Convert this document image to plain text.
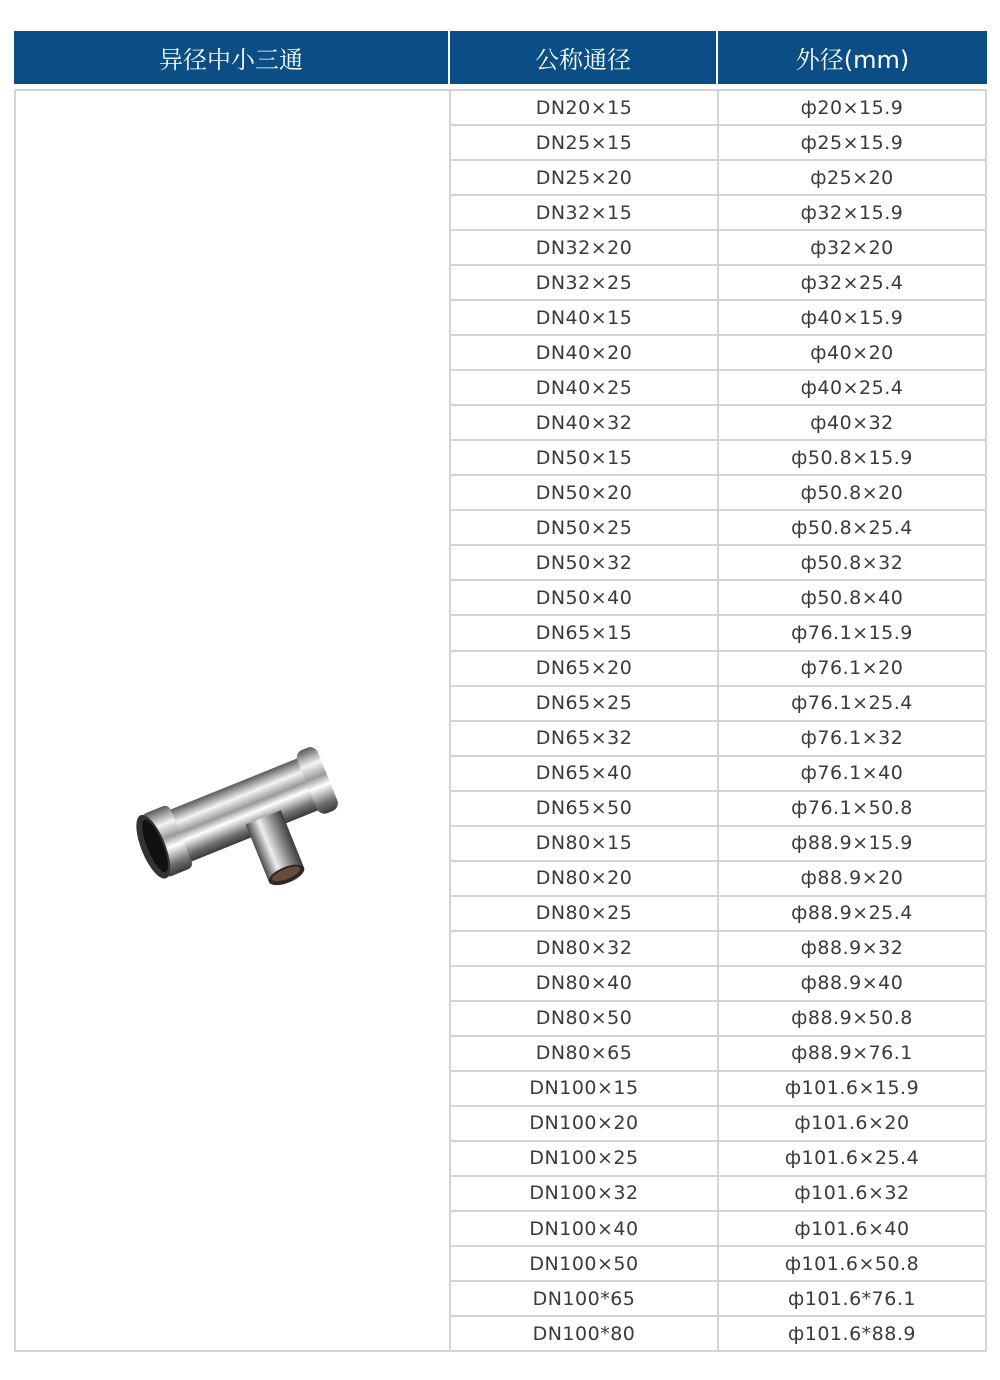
异径中小三通	公称通径	外径(mm)
DN20×15	ф20×15.9
DN25×15	ф25×15.9
DN25×20	ф25×20
DN32×15	ф32×15.9
DN32×20	ф32×20
DN32×25	ф32×25.4
DN40×15	ф40×15.9
DN40×20	ф40×20
DN40×25	ф40×25.4
DN40×32	ф40×32
DN50×15	ф50.8×15.9
DN50×20	ф50.8×20
DN50×25	ф50.8×25.4
DN50×32	ф50.8×32
DN50×40	ф50.8×40
DN65×15	ф76.1×15.9
DN65×20	ф76.1×20
DN65×25	ф76.1×25.4
DN65×32	ф76.1×32
DN65×40	ф76.1×40
DN65×50	ф76.1×50.8
DN80×15	ф88.9×15.9
DN80×20	ф88.9×20
DN80×25	ф88.9×25.4
DN80×32	ф88.9×32
DN80×40	ф88.9×40
DN80×50	ф88.9×50.8
DN80×65	ф88.9×76.1
DN100×15	ф101.6×15.9
DN100×20	ф101.6×20
DN100×25	ф101.6×25.4
DN100×32	ф101.6×32
DN100×40	ф101.6×40
DN100×50	ф101.6×50.8
DN100*65	ф101.6*76.1
DN100*80	ф101.6*88.9
